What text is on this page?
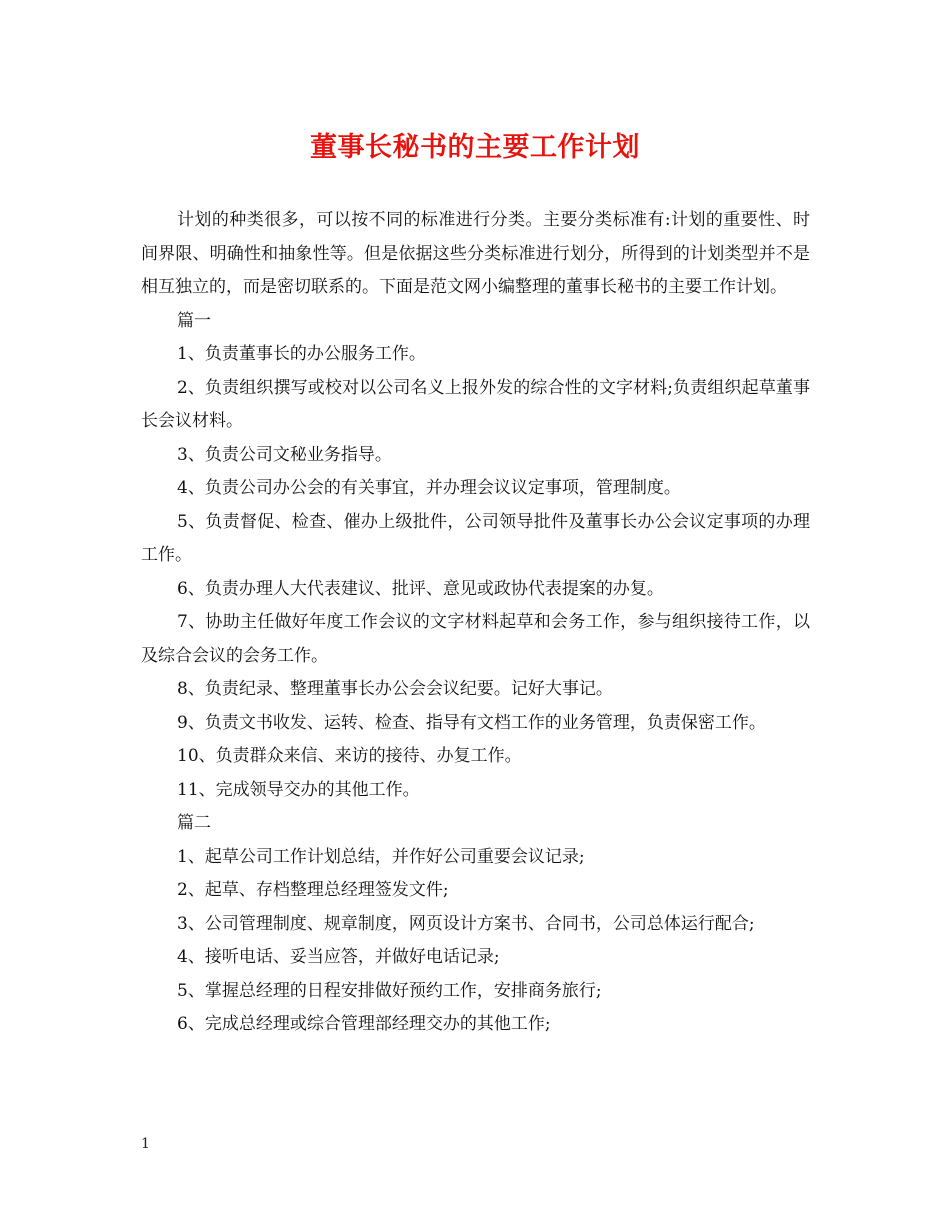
董事长秘书的主要工作计划

计划的种类很多，可以按不同的标准进行分类。主要分类标准有:计划的重要性、时间界限、明确性和抽象性等。但是依据这些分类标准进行划分，所得到的计划类型并不是相互独立的，而是密切联系的。下面是范文网小编整理的董事长秘书的主要工作计划。

篇一

1、负责董事长的办公服务工作。

2、负责组织撰写或校对以公司名义上报外发的综合性的文字材料;负责组织起草董事长会议材料。

3、负责公司文秘业务指导。

4、负责公司办公会的有关事宜，并办理会议议定事项，管理制度。

5、负责督促、检查、催办上级批件，公司领导批件及董事长办公会议定事项的办理工作。

6、负责办理人大代表建议、批评、意见或政协代表提案的办复。

7、协助主任做好年度工作会议的文字材料起草和会务工作，参与组织接待工作，以及综合会议的会务工作。

8、负责纪录、整理董事长办公会会议纪要。记好大事记。

9、负责文书收发、运转、检查、指导有文档工作的业务管理，负责保密工作。

10、负责群众来信、来访的接待、办复工作。

11、完成领导交办的其他工作。

篇二

1、起草公司工作计划总结，并作好公司重要会议记录;

2、起草、存档整理总经理签发文件;

3、公司管理制度、规章制度，网页设计方案书、合同书，公司总体运行配合;

4、接听电话、妥当应答，并做好电话记录;

5、掌握总经理的日程安排做好预约工作，安排商务旅行;

6、完成总经理或综合管理部经理交办的其他工作;

1
